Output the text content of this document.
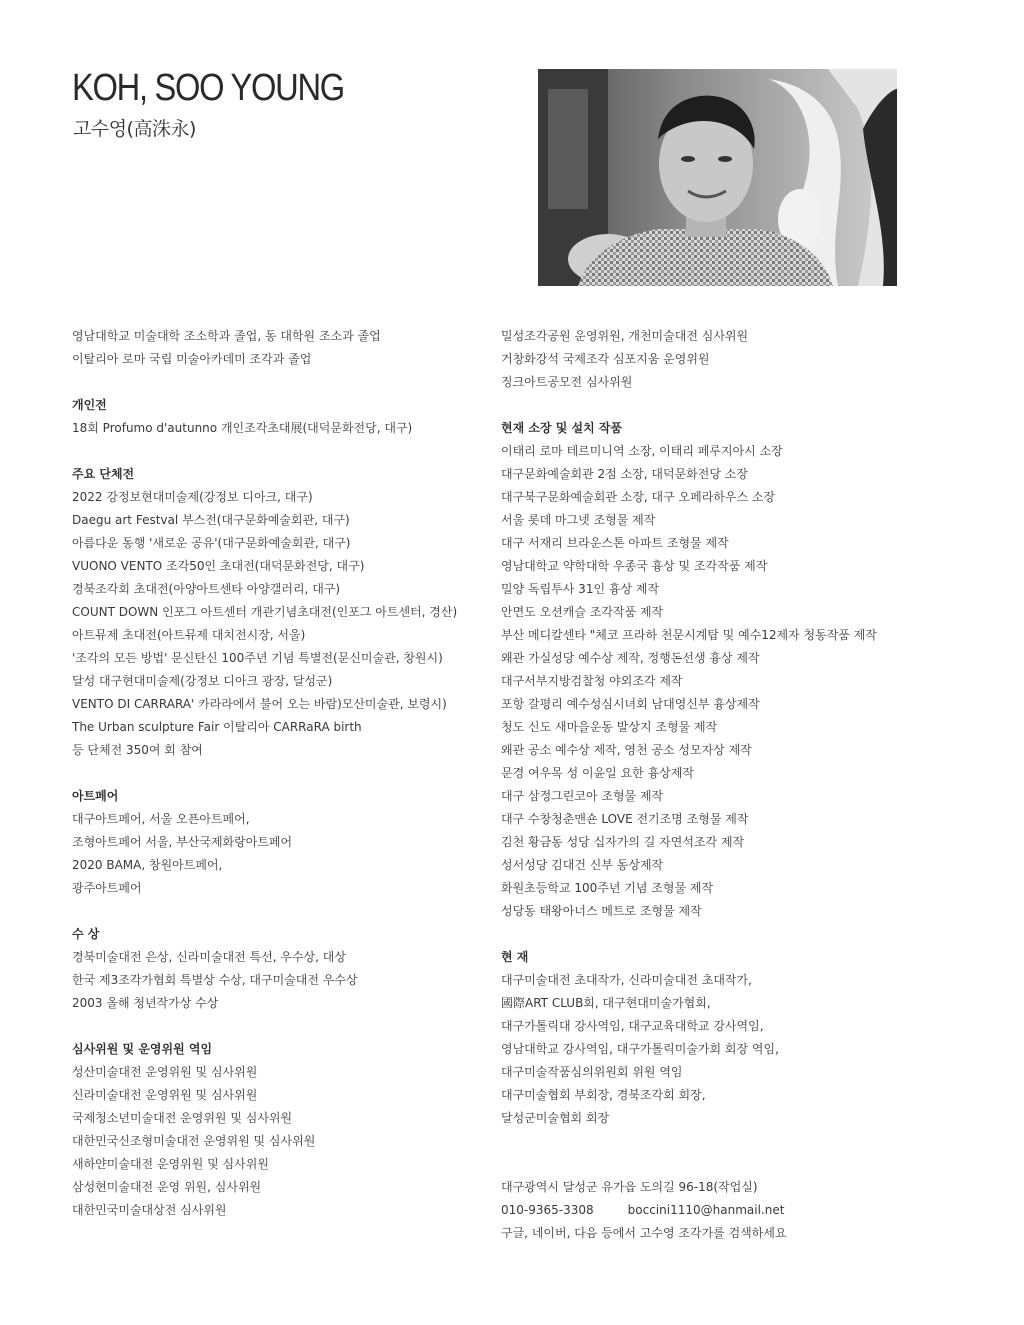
KOH, SOO YOUNG
고수영(高洙永)
영남대학교 미술대학 조소학과 졸업, 동 대학원 조소과 졸업
이탈리아 로마 국립 미술아카데미 조각과 졸업
개인전
18회 Profumo d'autunno 개인조각초대展(대덕문화전당, 대구)
주요 단체전
2022 강정보현대미술제(강정보 디아크, 대구)
Daegu art Festval 부스전(대구문화예술회관, 대구)
아름다운 동행 '새로운 공유'(대구문화예술회관, 대구)
VUONO VENTO 조각50인 초대전(대덕문화전당, 대구)
경북조각회 초대전(아양아트센타 아양갤러리, 대구)
COUNT DOWN 인포그 아트센터 개관기념초대전(인포그 아트센터, 경산)
아트뮤제 초대전(아트뮤제 대치전시장, 서울)
'조각의 모든 방법' 문신탄신 100주년 기념 특별전(문신미술관, 창원시)
달성 대구현대미술제(강정보 디아크 광장, 달성군)
VENTO DI CARRARA' 카라라에서 불어 오는 바람)모산미술관, 보령시)
The Urban sculpture Fair 이탈리아 CARRaRA birth
등 단체전 350여 회 참여
아트페어
대구아트페어, 서울 오픈아트페어,
조형아트페어 서울, 부산국제화랑아트페어
2020 BAMA, 창원아트페어,
광주아트페어
수 상
경북미술대전 은상, 신라미술대전 특선, 우수상, 대상
한국 제3조각가협회 특별상 수상, 대구미술대전 우수상
2003 올해 청년작가상 수상
심사위원 및 운영위원 역임
성산미술대전 운영위원 및 심사위원
신라미술대전 운영위원 및 심사위원
국제청소년미술대전 운영위원 및 심사위원
대한민국신조형미술대전 운영위원 및 심사위원
새하얀미술대전 운영위원 및 심사위원
삼성현미술대전 운영 위원, 심사위원
대한민국미술대상전 심사위원
밀성조각공원 운영위원, 개천미술대전 심사위원
거창화강석 국제조각 심포지움 운영위원
징크아트공모전 심사위원
현재 소장 및 설치 작품
이태리 로마 테르미니역 소장, 이태리 페루지아시 소장
대구문화예술회관 2점 소장, 대덕문화전당 소장
대구북구문화예술회관 소장, 대구 오페라하우스 소장
서울 롯데 마그넷 조형물 제작
대구 서재리 브라운스톤 아파트 조형물 제작
영남대학교 약학대학 우종국 흉상 및 조각작품 제작
밀양 독립투사 31인 흉상 제작
안면도 오션캐슬 조각작품 제작
부산 메디칼센타 "체코 프라하 천문시계탑 및 예수12제자 청동작품 제작
왜관 가실성당 예수상 제작, 정행돈선생 흉상 제작
대구서부지방검찰청 야외조각 제작
포항 갈평리 예수성심시녀회 남대영신부 흉상제작
청도 신도 새마을운동 발상지 조형물 제작
왜관 공소 예수상 제작, 영천 공소 성모자상 제작
문경 여우목 성 이윤일 요한 흉상제작
대구 삼정그린코아 조형물 제작
대구 수창청춘맨숀 LOVE 전기조명 조형물 제작
김천 황금동 성당 십자가의 길 자연석조각 제작
성서성당 김대건 신부 동상제작
화원초등학교 100주년 기념 조형물 제작
성당동 태왕아너스 메트로 조형물 제작
현 재
대구미술대전 초대작가, 신라미술대전 초대작가,
國際ART CLUB회, 대구현대미술가협회,
대구가톨릭대 강사역임, 대구교육대학교 강사역임,
영남대학교 강사역임, 대구가톨릭미술가회 회장 역임,
대구미술작품심의위원회 위원 역임
대구미술협회 부회장, 경북조각회 회장,
달성군미술협회 회장
대구광역시 달성군 유가읍 도의길 96-18(작업실)
010-9365-3308	boccini1110@hanmail.net
구글, 네이버, 다음 등에서 고수영 조각가를 검색하세요
